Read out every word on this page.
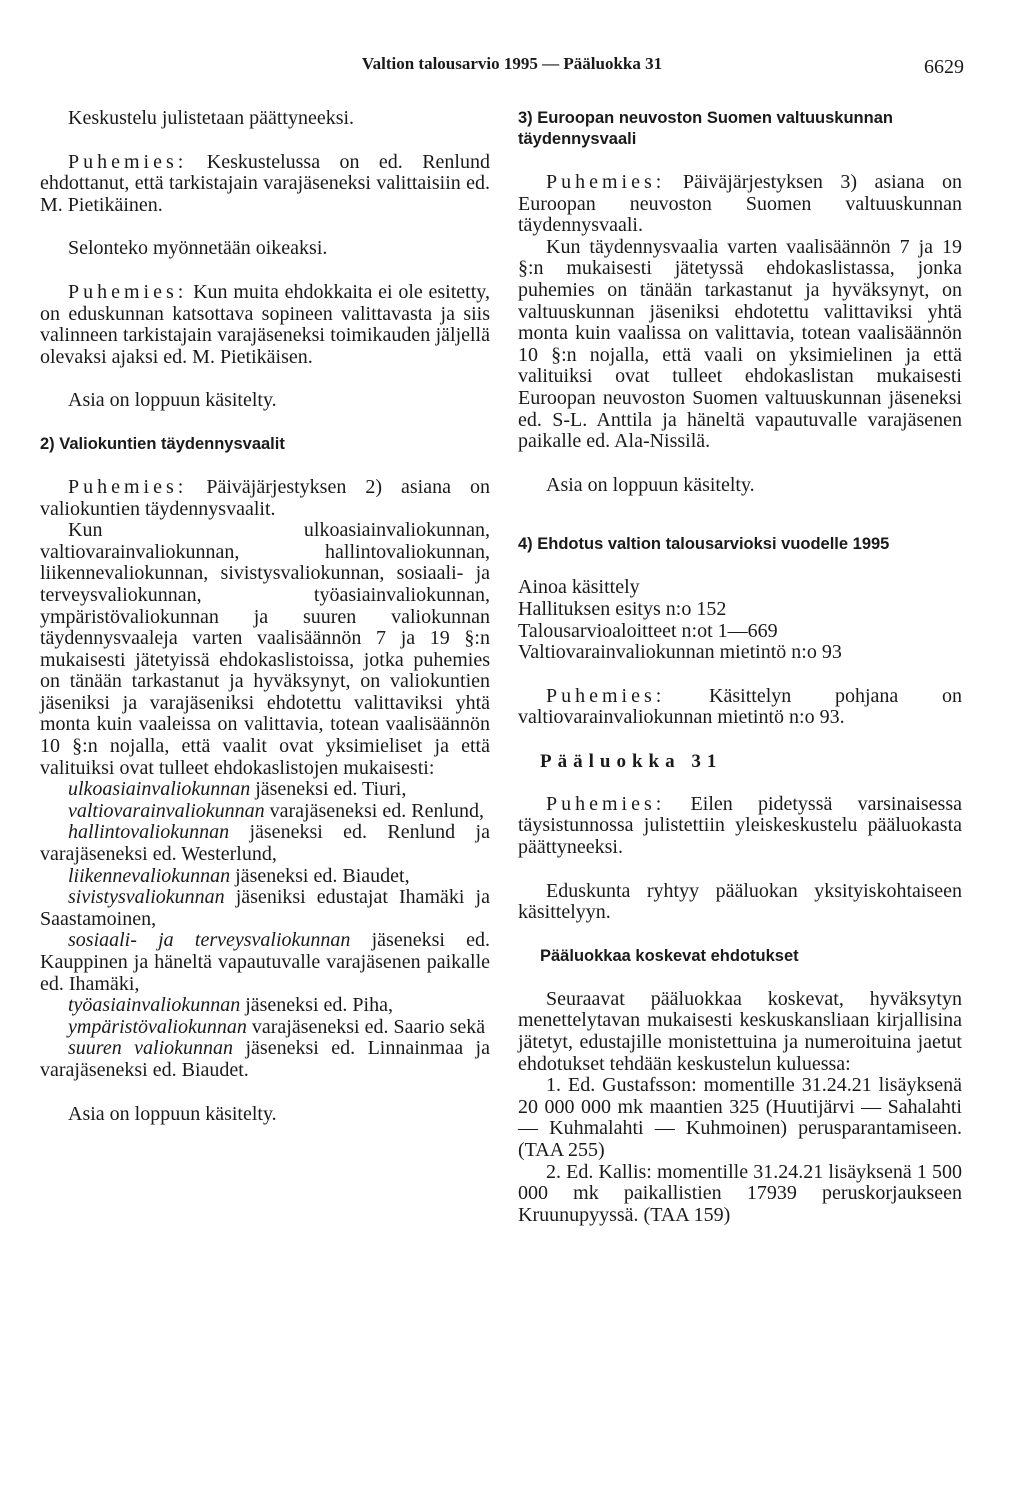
Valtion talousarvio 1995 — Pääluokka 31	6629

Keskustelu julistetaan päättyneeksi.

Puhemies: Keskustelussa on ed. Renlund ehdottanut, että tarkistajain varajäseneksi valittaisiin ed. M. Pietikäinen.

Selonteko myönnetään oikeaksi.

Puhemies: Kun muita ehdokkaita ei ole esitetty, on eduskunnan katsottava sopineen valittavasta ja siis valinneen tarkistajain varajäseneksi toimikauden jäljellä olevaksi ajaksi ed. M. Pietikäisen.

Asia on loppuun käsitelty.

2) Valiokuntien täydennysvaalit

Puhemies: Päiväjärjestyksen 2) asiana on valiokuntien täydennysvaalit.

Kun ulkoasiainvaliokunnan, valtiovarainvaliokunnan, hallintovaliokunnan, liikennevaliokunnan, sivistysvaliokunnan, sosiaali- ja terveysvaliokunnan, työasiainvaliokunnan, ympäristövaliokunnan ja suuren valiokunnan täydennysvaaleja varten vaalisäännön 7 ja 19 §:n mukaisesti jätetyissä ehdokaslistoissa, jotka puhemies on tänään tarkastanut ja hyväksynyt, on valiokuntien jäseniksi ja varajäseniksi ehdotettu valittaviksi yhtä monta kuin vaaleissa on valittavia, totean vaalisäännön 10 §:n nojalla, että vaalit ovat yksimieliset ja että valituiksi ovat tulleet ehdokaslistojen mukaisesti:

ulkoasiainvaliokunnan jäseneksi ed. Tiuri,

valtiovarainvaliokunnan varajäseneksi ed. Renlund,

hallintovaliokunnan jäseneksi ed. Renlund ja varajäseneksi ed. Westerlund,

liikennevaliokunnan jäseneksi ed. Biaudet,

sivistysvaliokunnan jäseniksi edustajat Ihamäki ja Saastamoinen,

sosiaali- ja terveysvaliokunnan jäseneksi ed. Kauppinen ja häneltä vapautuvalle varajäsenen paikalle ed. Ihamäki,

työasiainvaliokunnan jäseneksi ed. Piha,

ympäristövaliokunnan varajäseneksi ed. Saario sekä

suuren valiokunnan jäseneksi ed. Linnainmaa ja varajäseneksi ed. Biaudet.

Asia on loppuun käsitelty.

3) Euroopan neuvoston Suomen valtuuskunnan täydennysvaali

Puhemies: Päiväjärjestyksen 3) asiana on Euroopan neuvoston Suomen valtuuskunnan täydennysvaali.

Kun täydennysvaalia varten vaalisäännön 7 ja 19 §:n mukaisesti jätetyssä ehdokaslistassa, jonka puhemies on tänään tarkastanut ja hyväksynyt, on valtuuskunnan jäseniksi ehdotettu valittaviksi yhtä monta kuin vaalissa on valittavia, totean vaalisäännön 10 §:n nojalla, että vaali on yksimielinen ja että valituiksi ovat tulleet ehdokaslistan mukaisesti Euroopan neuvoston Suomen valtuuskunnan jäseneksi ed. S-L. Anttila ja häneltä vapautuvalle varajäsenen paikalle ed. Ala-Nissilä.

Asia on loppuun käsitelty.

4) Ehdotus valtion talousarvioksi vuodelle 1995

Ainoa käsittely

Hallituksen esitys n:o 152

Talousarvioaloitteet n:ot 1—669

Valtiovarainvaliokunnan mietintö n:o 93

Puhemies: Käsittelyn pohjana on valtiovarainvaliokunnan mietintö n:o 93.

Pääluokka 31

Puhemies: Eilen pidetyssä varsinaisessa täysistunnossa julistettiin yleiskeskustelu pääluokasta päättyneeksi.

Eduskunta ryhtyy pääluokan yksityiskohtaiseen käsittelyyn.

Pääluokkaa koskevat ehdotukset

Seuraavat pääluokkaa koskevat, hyväksytyn menettelytavan mukaisesti keskuskansliaan kirjallisina jätetyt, edustajille monistettuina ja numeroituina jaetut ehdotukset tehdään keskustelun kuluessa:

1. Ed. Gustafsson: momentille 31.24.21 lisäyksenä 20 000 000 mk maantien 325 (Huutijärvi — Sahalahti — Kuhmalahti — Kuhmoinen) perusparantamiseen. (TAA 255)

2. Ed. Kallis: momentille 31.24.21 lisäyksenä 1 500 000 mk paikallistien 17939 peruskorjaukseen Kruunupyyssä. (TAA 159)
